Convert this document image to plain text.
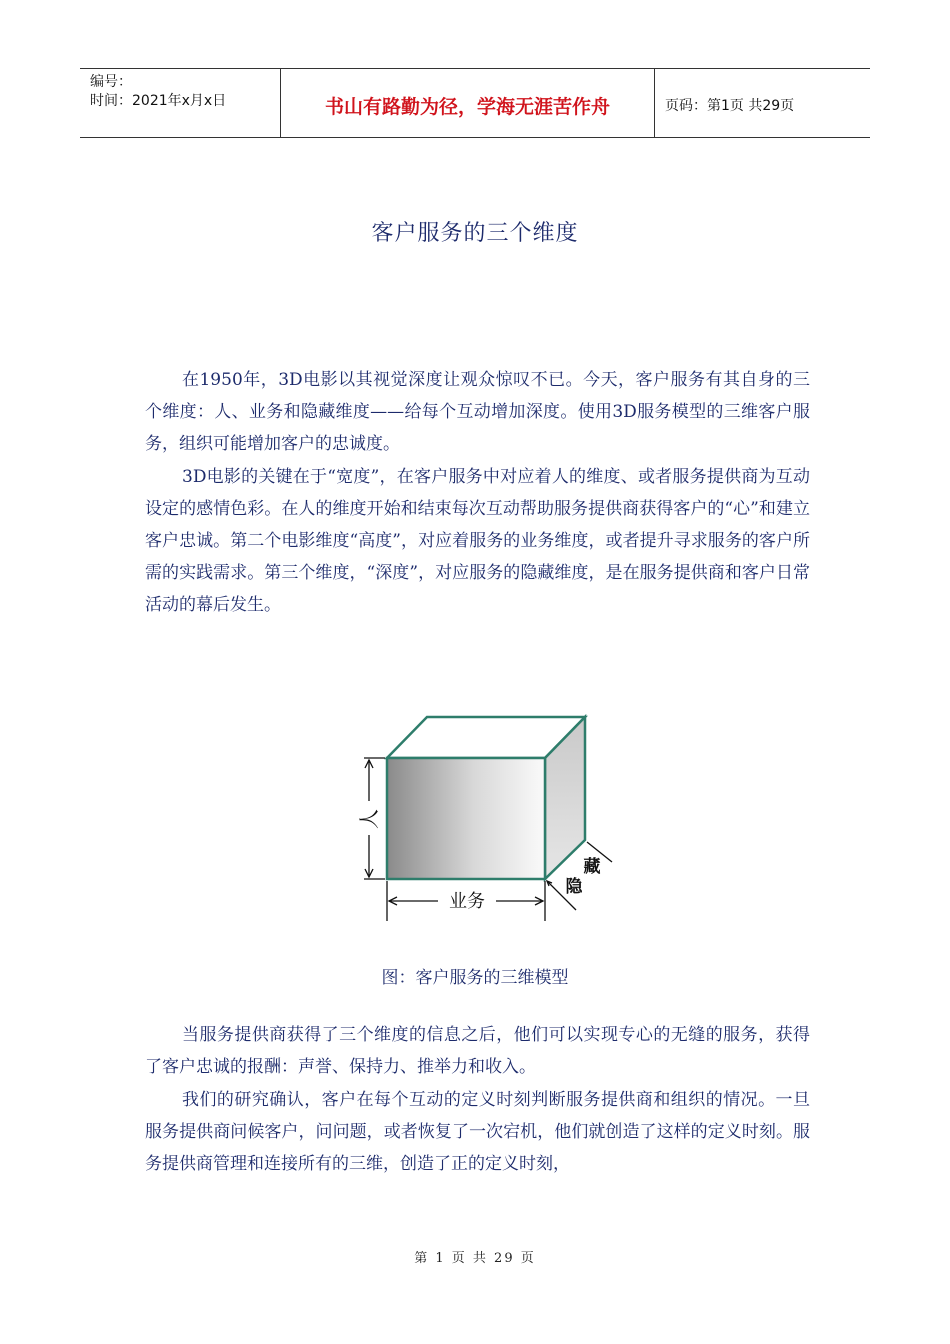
编号：
时间：2021年x月x日	书山有路勤为径，学海无涯苦作舟	页码：第1页 共29页
客户服务的三个维度

在1950年，3D电影以其视觉深度让观众惊叹不已。今天，客户服务有其自身的三个维度：人、业务和隐藏维度——给每个互动增加深度。使用3D服务模型的三维客户服务，组织可能增加客户的忠诚度。

3D电影的关键在于“宽度”，在客户服务中对应着人的维度、或者服务提供商为互动设定的感情色彩。在人的维度开始和结束每次互动帮助服务提供商获得客户的“心”和建立客户忠诚。第二个电影维度“高度”，对应着服务的业务维度，或者提升寻求服务的客户所需的实践需求。第三个维度，“深度”，对应服务的隐藏维度，是在服务提供商和客户日常活动的幕后发生。

人
业务
藏
隐
图：客户服务的三维模型

当服务提供商获得了三个维度的信息之后，他们可以实现专心的无缝的服务，获得了客户忠诚的报酬：声誉、保持力、推举力和收入。

我们的研究确认，客户在每个互动的定义时刻判断服务提供商和组织的情况。一旦服务提供商问候客户，问问题，或者恢复了一次宕机，他们就创造了这样的定义时刻。服务提供商管理和连接所有的三维，创造了正的定义时刻，

第 1 页 共 29 页
